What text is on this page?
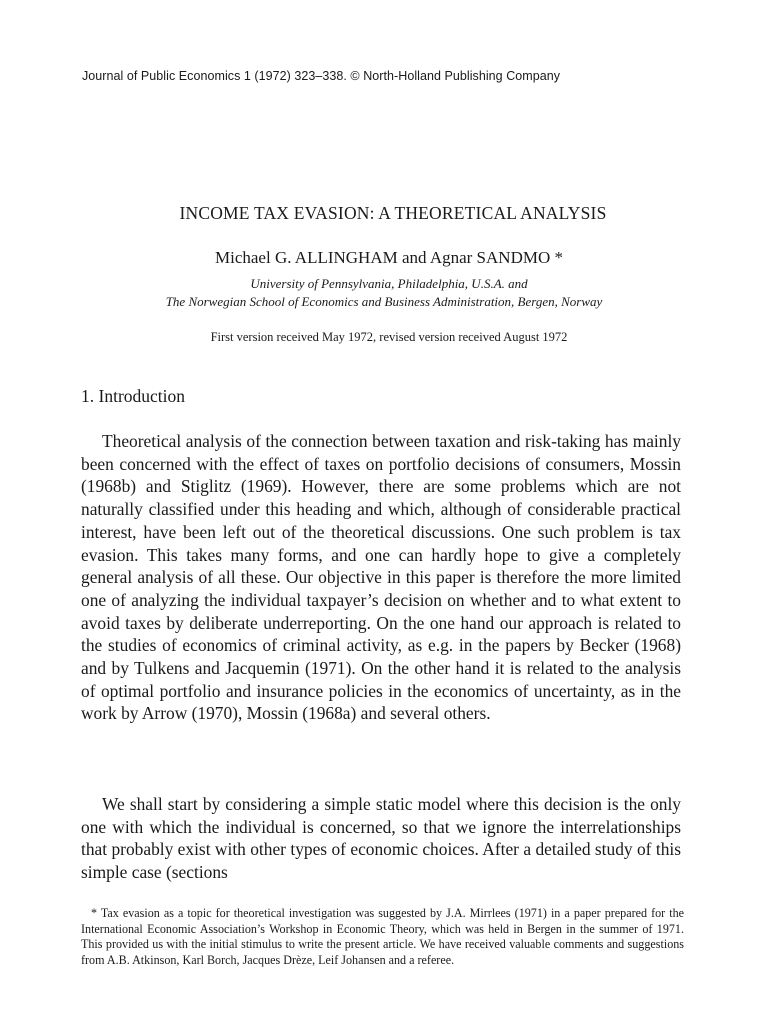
Journal of Public Economics 1 (1972) 323–338. © North-Holland Publishing Company
INCOME TAX EVASION: A THEORETICAL ANALYSIS
Michael G. ALLINGHAM and Agnar SANDMO *
University of Pennsylvania, Philadelphia, U.S.A. and
The Norwegian School of Economics and Business Administration, Bergen, Norway
First version received May 1972, revised version received August 1972
1. Introduction

Theoretical analysis of the connection between taxation and risk-taking has mainly been concerned with the effect of taxes on portfolio decisions of consumers, Mossin (1968b) and Stiglitz (1969). However, there are some problems which are not naturally classified under this heading and which, although of considerable practical interest, have been left out of the theoretical discussions. One such problem is tax evasion. This takes many forms, and one can hardly hope to give a completely general analysis of all these. Our objective in this paper is therefore the more limited one of analyzing the individual taxpayer’s decision on whether and to what extent to avoid taxes by deliberate underreporting. On the one hand our approach is related to the studies of economics of criminal activity, as e.g. in the papers by Becker (1968) and by Tulkens and Jacquemin (1971). On the other hand it is related to the analysis of optimal portfolio and insurance policies in the economics of uncertainty, as in the work by Arrow (1970), Mossin (1968a) and several others.

We shall start by considering a simple static model where this decision is the only one with which the individual is concerned, so that we ignore the interrelationships that probably exist with other types of economic choices. After a detailed study of this simple case (sections

* Tax evasion as a topic for theoretical investigation was suggested by J.A. Mirrlees (1971) in a paper prepared for the International Economic Association’s Workshop in Economic Theory, which was held in Bergen in the summer of 1971. This provided us with the initial stimulus to write the present article. We have received valuable comments and suggestions from A.B. Atkinson, Karl Borch, Jacques Drèze, Leif Johansen and a referee.
